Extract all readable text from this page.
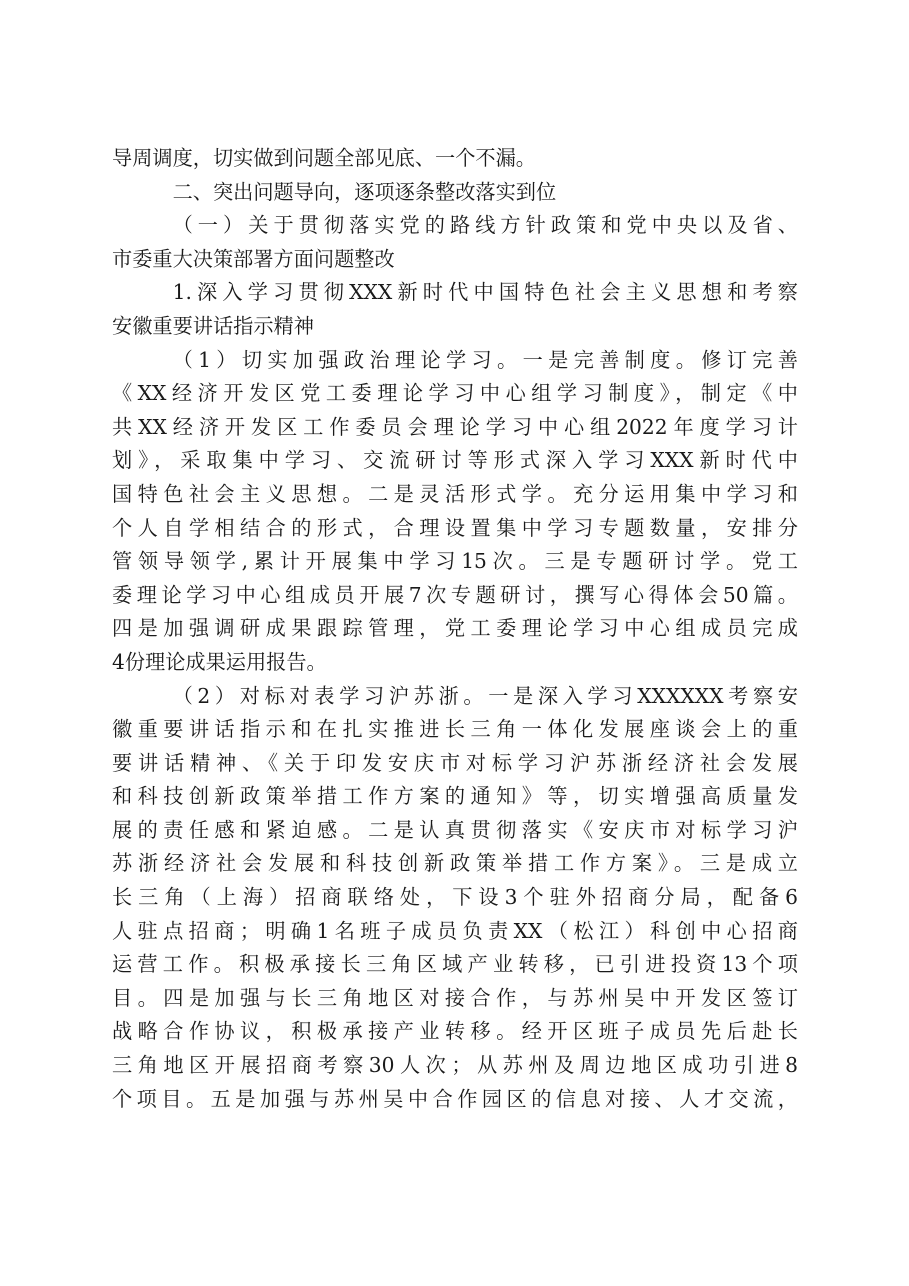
导周调度，切实做到问题全部见底、一个不漏。
二、突出问题导向，逐项逐条整改落实到位
（一）关于贯彻落实党的路线方针政策和党中央以及省、
市委重大决策部署方面问题整改
1.深入学习贯彻XXX新时代中国特色社会主义思想和考察
安徽重要讲话指示精神
（1）切实加强政治理论学习。一是完善制度。修订完善
《XX经济开发区党工委理论学习中心组学习制度》，制定《中
共XX经济开发区工作委员会理论学习中心组2022年度学习计
划》，采取集中学习、交流研讨等形式深入学习XXX新时代中
国特色社会主义思想。二是灵活形式学。充分运用集中学习和
个人自学相结合的形式，合理设置集中学习专题数量，安排分
管领导领学,累计开展集中学习15次。三是专题研讨学。党工
委理论学习中心组成员开展7次专题研讨，撰写心得体会50篇。
四是加强调研成果跟踪管理，党工委理论学习中心组成员完成
4份理论成果运用报告。
（2）对标对表学习沪苏浙。一是深入学习XXXXXX考察安
徽重要讲话指示和在扎实推进长三角一体化发展座谈会上的重
要讲话精神、《关于印发安庆市对标学习沪苏浙经济社会发展
和科技创新政策举措工作方案的通知》等，切实增强高质量发
展的责任感和紧迫感。二是认真贯彻落实《安庆市对标学习沪
苏浙经济社会发展和科技创新政策举措工作方案》。三是成立
长三角（上海）招商联络处，下设3个驻外招商分局，配备6
人驻点招商；明确1名班子成员负责XX（松江）科创中心招商
运营工作。积极承接长三角区域产业转移，已引进投资13个项
目。四是加强与长三角地区对接合作，与苏州吴中开发区签订
战略合作协议，积极承接产业转移。经开区班子成员先后赴长
三角地区开展招商考察30人次；从苏州及周边地区成功引进8
个项目。五是加强与苏州吴中合作园区的信息对接、人才交流，
